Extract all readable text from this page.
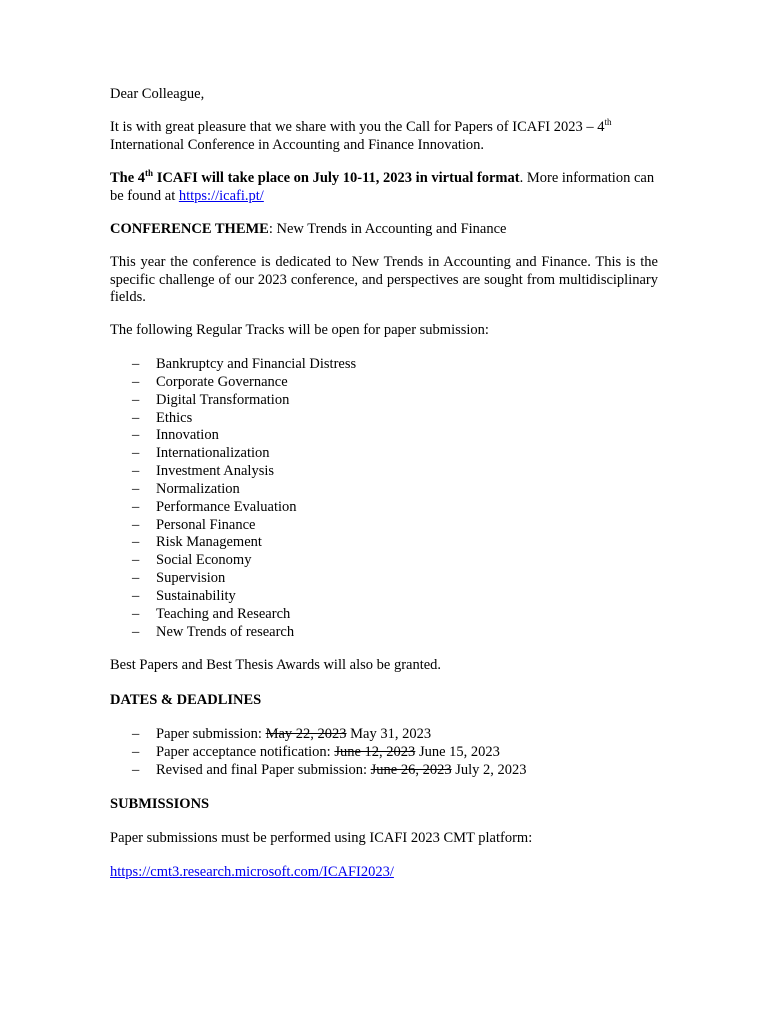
Dear Colleague,
It is with great pleasure that we share with you the Call for Papers of ICAFI 2023 – 4th International Conference in Accounting and Finance Innovation.
The 4th ICAFI will take place on July 10-11, 2023 in virtual format. More information can be found at https://icafi.pt/
CONFERENCE THEME: New Trends in Accounting and Finance
This year the conference is dedicated to New Trends in Accounting and Finance. This is the specific challenge of our 2023 conference, and perspectives are sought from multidisciplinary fields.
The following Regular Tracks will be open for paper submission:
– Bankruptcy and Financial Distress
– Corporate Governance
– Digital Transformation
– Ethics
– Innovation
– Internationalization
– Investment Analysis
– Normalization
– Performance Evaluation
– Personal Finance
– Risk Management
– Social Economy
– Supervision
– Sustainability
– Teaching and Research
– New Trends of research
Best Papers and Best Thesis Awards will also be granted.
DATES & DEADLINES
– Paper submission: May 22, 2023 May 31, 2023
– Paper acceptance notification: June 12, 2023 June 15, 2023
– Revised and final Paper submission: June 26, 2023 July 2, 2023
SUBMISSIONS
Paper submissions must be performed using ICAFI 2023 CMT platform:
https://cmt3.research.microsoft.com/ICAFI2023/
